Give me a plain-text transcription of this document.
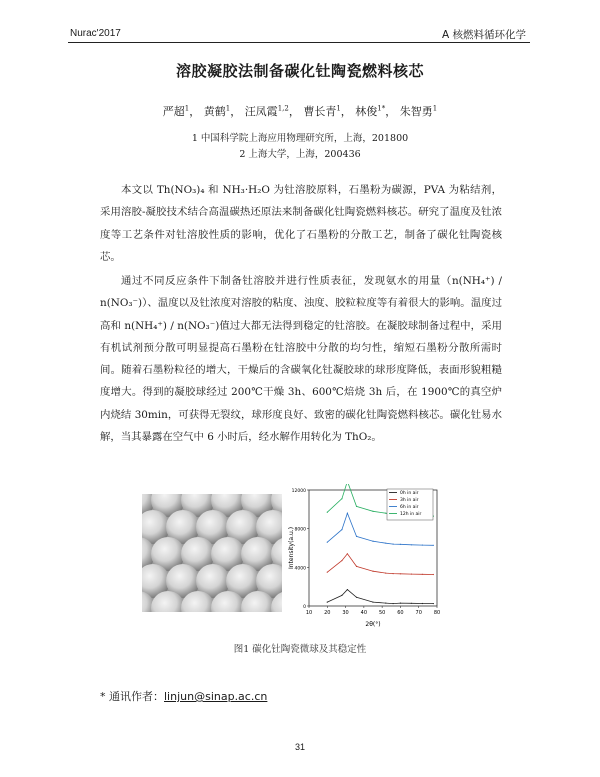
Nurac'2017	A 核燃料循环化学
溶胶凝胶法制备碳化钍陶瓷燃料核芯
严超$^1$， 黄鹤$^1$， 汪凤霞$^{1,2}$， 曹长青$^1$， 林俊$^{1*}$， 朱智勇$^1$
1 中国科学院上海应用物理研究所，上海，201800
2 上海大学，上海，200436

本文以 Th(NO₃)₄ 和 NH₃·H₂O 为钍溶胶原料，石墨粉为碳源，PVA 为粘结剂，采用溶胶-凝胶技术结合高温碳热还原法来制备碳化钍陶瓷燃料核芯。研究了温度及钍浓度等工艺条件对钍溶胶性质的影响，优化了石墨粉的分散工艺，制备了碳化钍陶瓷核芯。

通过不同反应条件下制备钍溶胶并进行性质表征，发现氨水的用量（n(NH₄⁺) / n(NO₃⁻)）、温度以及钍浓度对溶胶的粘度、浊度、胶粒粒度等有着很大的影响。温度过高和 n(NH₄⁺) / n(NO₃⁻)值过大都无法得到稳定的钍溶胶。在凝胶球制备过程中，采用有机试剂预分散可明显提高石墨粉在钍溶胶中分散的均匀性，缩短石墨粉分散所需时间。随着石墨粉粒径的增大，干燥后的含碳氧化钍凝胶球的球形度降低，表面形貌粗糙度增大。得到的凝胶球经过 200℃干燥 3h、600℃焙烧 3h 后，在 1900℃的真空炉内烧结 30min，可获得无裂纹，球形度良好、致密的碳化钍陶瓷燃料核芯。碳化钍易水解，当其暴露在空气中 6 小时后，经水解作用转化为 ThO₂。

Intensity(a.u.)
2θ(°)
10 20 30 40 50 60 70 80
0
4000
8000
12000	0h in air
3h in air
6h in air
12h in air
图1 碳化钍陶瓷微球及其稳定性
* 通讯作者：linjun@sinap.ac.cn
31
